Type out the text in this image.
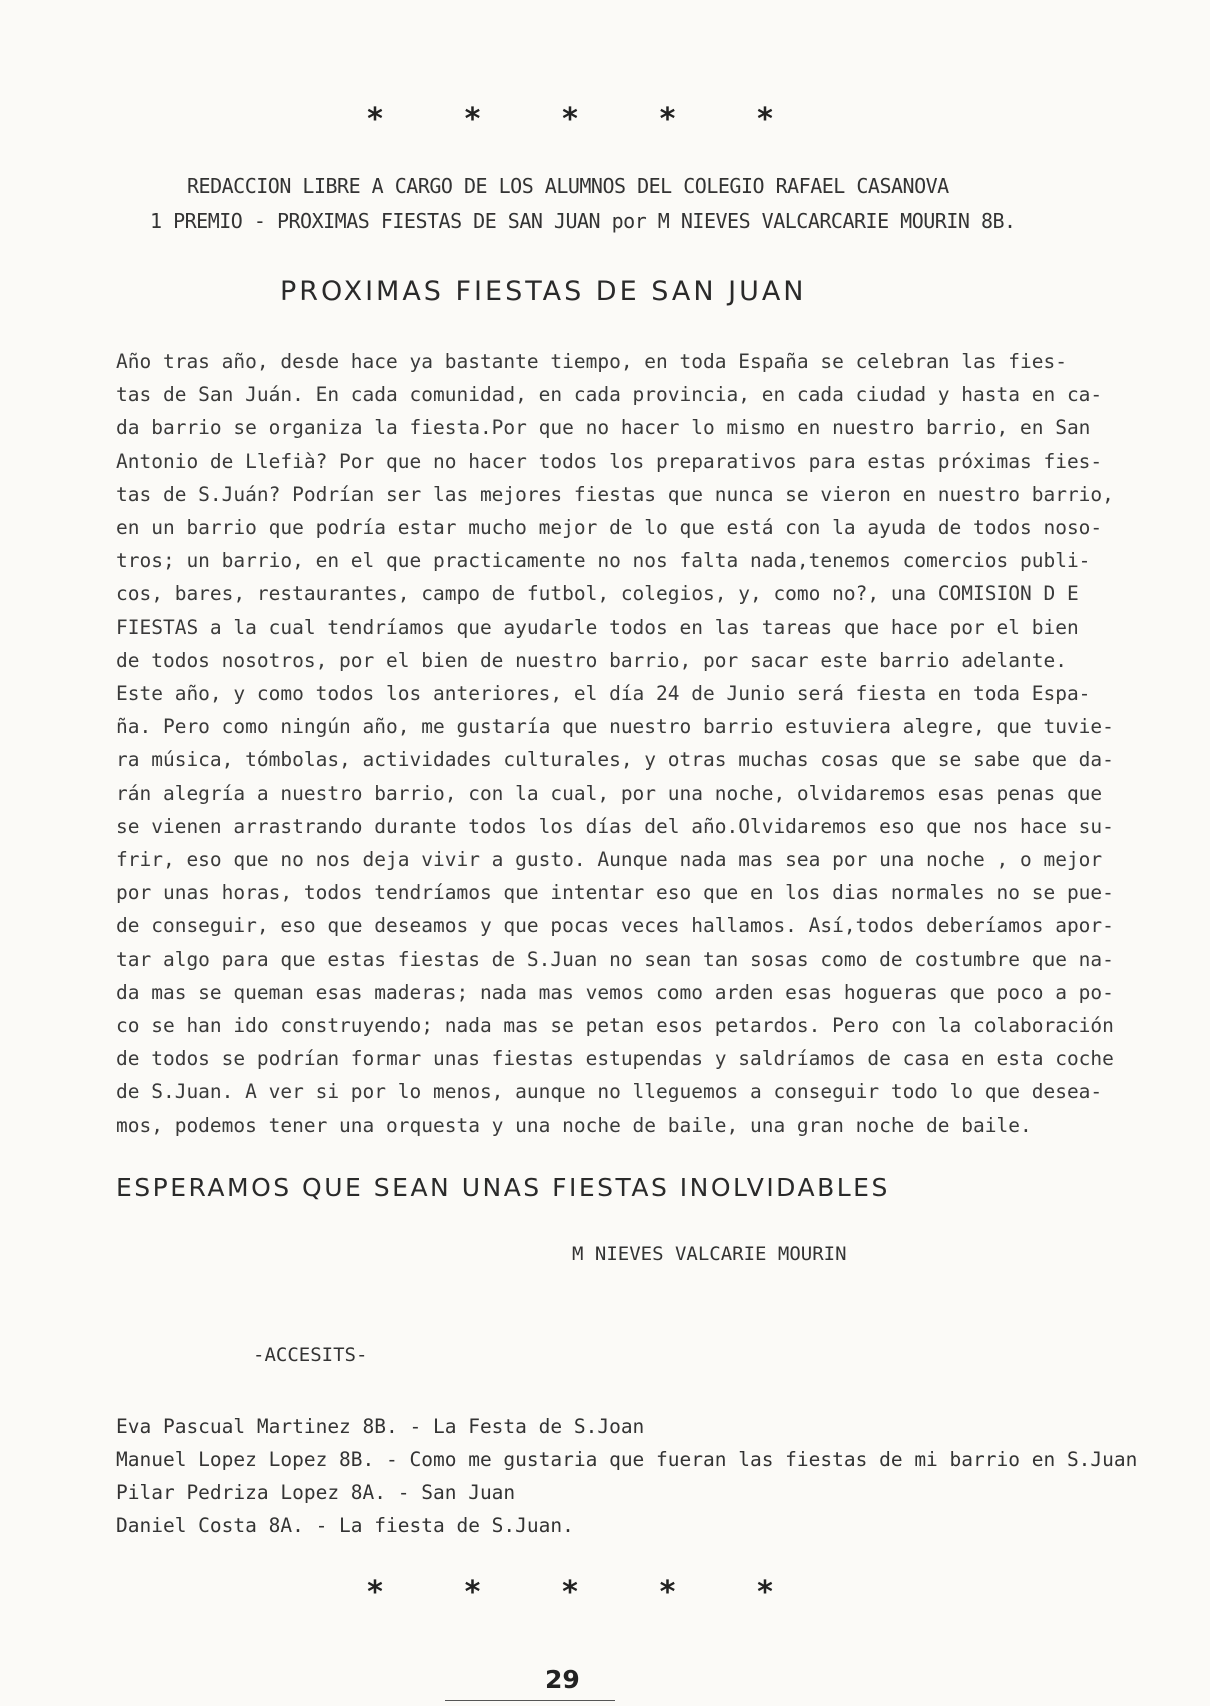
*	*	*	*	*
REDACCION LIBRE A CARGO DE LOS ALUMNOS DEL COLEGIO RAFAEL CASANOVA
1 PREMIO - PROXIMAS FIESTAS DE SAN JUAN por M NIEVES VALCARCARIE MOURIN 8B.
PROXIMAS FIESTAS DE SAN JUAN
Año tras año, desde hace ya bastante tiempo, en toda España se celebran las fies-
tas de San Juán. En cada comunidad, en cada provincia, en cada ciudad y hasta en ca-
da barrio se organiza la fiesta.Por que no hacer lo mismo en nuestro barrio, en San
Antonio de Llefià? Por que no hacer todos los preparativos para estas próximas fies-
tas de S.Juán? Podrían ser las mejores fiestas que nunca se vieron en nuestro barrio,
en un barrio que podría estar mucho mejor de lo que está con la ayuda de todos noso-
tros; un barrio, en el que practicamente no nos falta nada,tenemos comercios publi-
cos, bares, restaurantes, campo de futbol, colegios, y, como no?, una COMISION D E
FIESTAS a la cual tendríamos que ayudarle todos en las tareas que hace por el bien
de todos nosotros, por el bien de nuestro barrio, por sacar este barrio adelante.
Este año, y como todos los anteriores, el día 24 de Junio será fiesta en toda Espa-
ña. Pero como ningún año, me gustaría que nuestro barrio estuviera alegre, que tuvie-
ra música, tómbolas, actividades culturales, y otras muchas cosas que se sabe que da-
rán alegría a nuestro barrio, con la cual, por una noche, olvidaremos esas penas que
se vienen arrastrando durante todos los días del año.Olvidaremos eso que nos hace su-
frir, eso que no nos deja vivir a gusto. Aunque nada mas sea por una noche , o mejor
por unas horas, todos tendríamos que intentar eso que en los dias normales no se pue-
de conseguir, eso que deseamos y que pocas veces hallamos. Así,todos deberíamos apor-
tar algo para que estas fiestas de S.Juan no sean tan sosas como de costumbre que na-
da mas se queman esas maderas; nada mas vemos como arden esas hogueras que poco a po-
co se han ido construyendo; nada mas se petan esos petardos. Pero con la colaboración
de todos se podrían formar unas fiestas estupendas y saldríamos de casa en esta coche
de S.Juan. A ver si por lo menos, aunque no lleguemos a conseguir todo lo que desea-
mos, podemos tener una orquesta y una noche de baile, una gran noche de baile.
ESPERAMOS QUE SEAN UNAS FIESTAS INOLVIDABLES
M NIEVES VALCARIE MOURIN
-ACCESITS-
Eva Pascual Martinez 8B. - La Festa de S.Joan
Manuel Lopez Lopez 8B. - Como me gustaria que fueran las fiestas de mi barrio en S.Juan
Pilar Pedriza Lopez 8A. - San Juan
Daniel Costa 8A. - La fiesta de S.Juan.
*	*	*	*	*
29
